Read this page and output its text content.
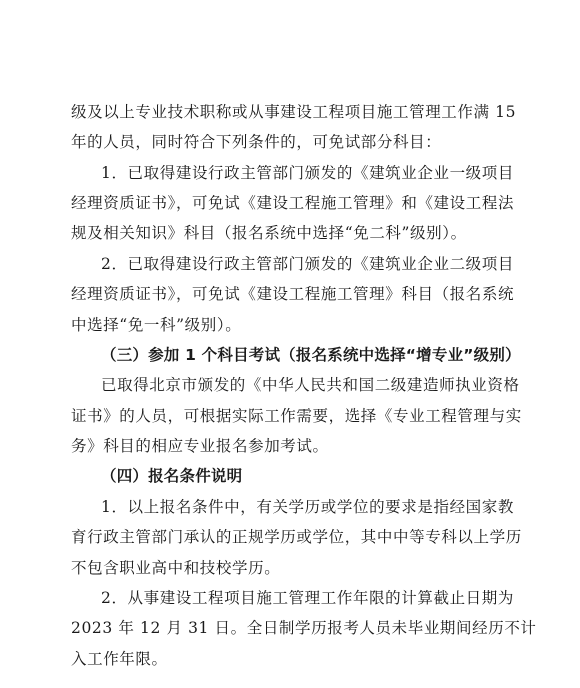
级及以上专业技术职称或从事建设工程项目施工管理工作满 15
年的人员，同时符合下列条件的，可免试部分科目：
1．已取得建设行政主管部门颁发的《建筑业企业一级项目
经理资质证书》，可免试《建设工程施工管理》和《建设工程法
规及相关知识》科目（报名系统中选择“免二科”级别）。
2．已取得建设行政主管部门颁发的《建筑业企业二级项目
经理资质证书》，可免试《建设工程施工管理》科目（报名系统
中选择“免一科”级别）。
（三）参加 1 个科目考试（报名系统中选择“增专业”级别）
已取得北京市颁发的《中华人民共和国二级建造师执业资格
证书》的人员，可根据实际工作需要，选择《专业工程管理与实
务》科目的相应专业报名参加考试。
（四）报名条件说明
1．以上报名条件中，有关学历或学位的要求是指经国家教
育行政主管部门承认的正规学历或学位，其中中等专科以上学历
不包含职业高中和技校学历。
2．从事建设工程项目施工管理工作年限的计算截止日期为
2023 年 12 月 31 日。全日制学历报考人员未毕业期间经历不计
入工作年限。
